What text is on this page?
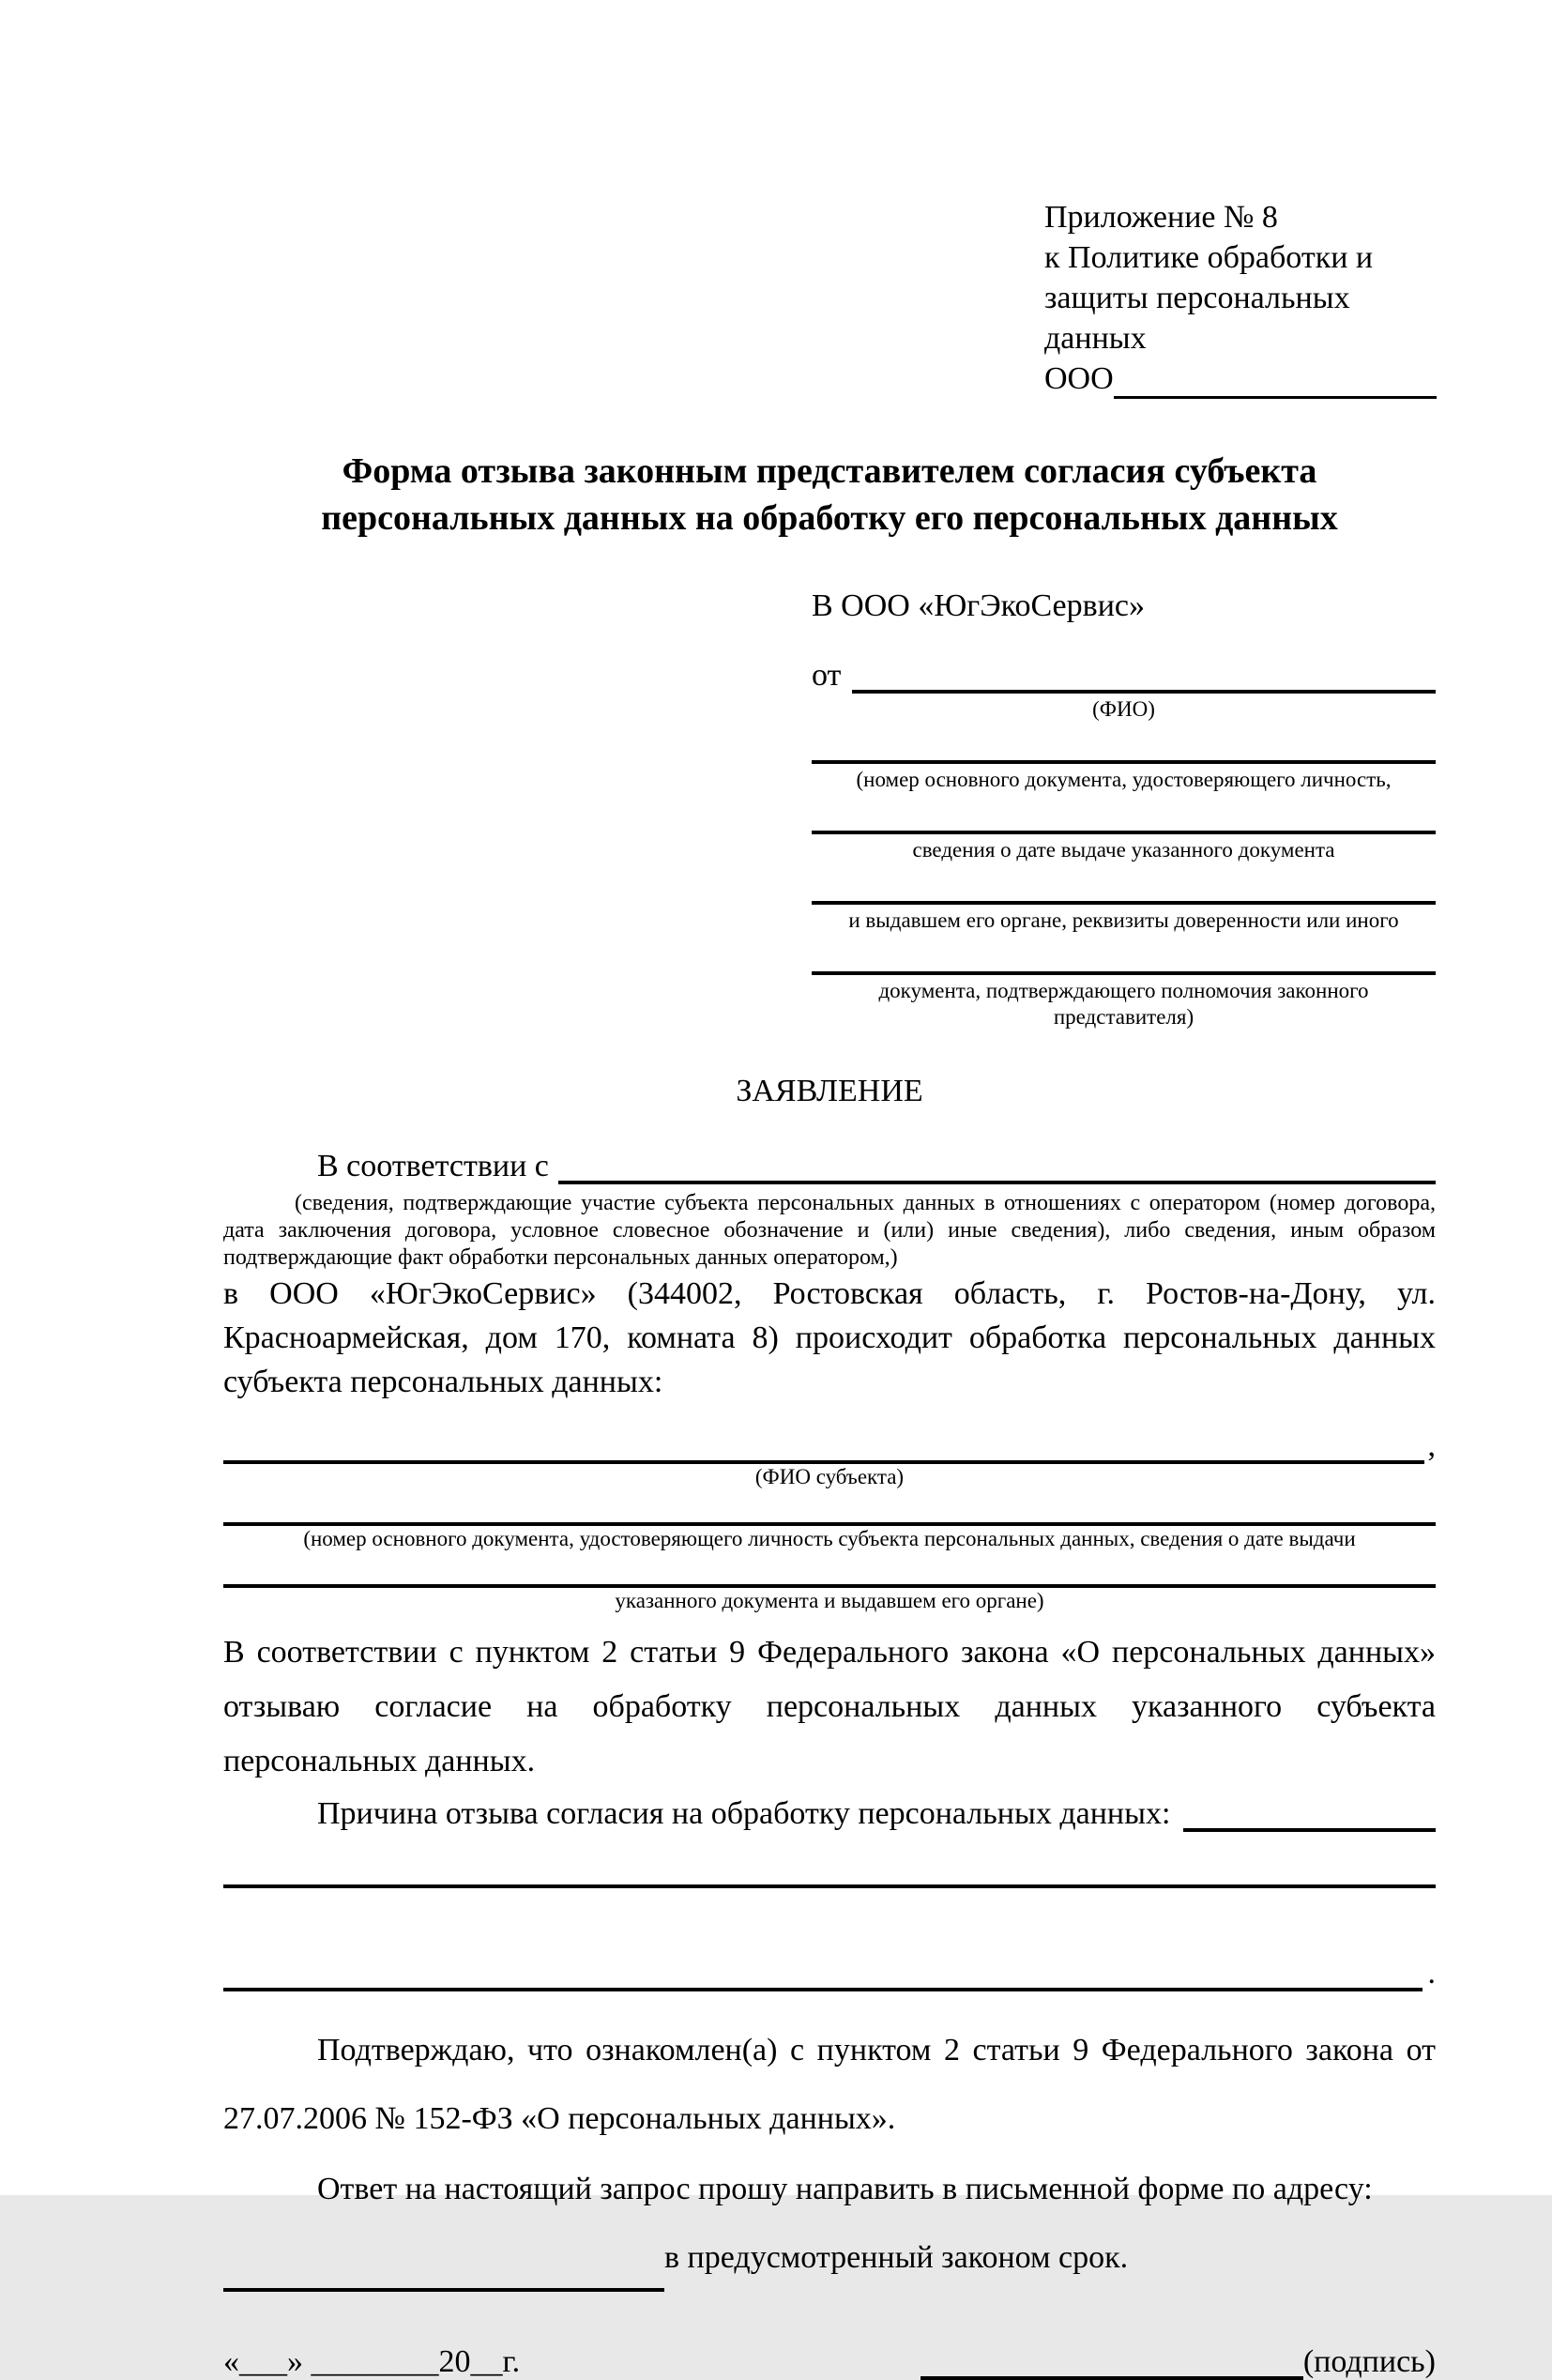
Приложение № 8
к Политике обработки и
защиты персональных данных
ООО
Форма отзыва законным представителем согласия субъекта
персональных данных на обработку его персональных данных
В ООО «ЮгЭкоСервис»
от
(ФИО)
(номер основного документа, удостоверяющего личность,
сведения о дате выдаче указанного документа
и выдавшем его органе, реквизиты доверенности или иного
документа, подтверждающего полномочия законного представителя)
ЗАЯВЛЕНИЕ
В соответствии с
(сведения, подтверждающие участие субъекта персональных данных в отношениях с оператором (номер договора, дата заключения договора, условное словесное обозначение и (или) иные сведения), либо сведения, иным образом подтверждающие факт обработки персональных данных оператором,)
в ООО «ЮгЭкоСервис» (344002, Ростовская область, г. Ростов-на-Дону, ул. Красноармейская, дом 170, комната 8) происходит обработка персональных данных субъекта персональных данных:
,
(ФИО субъекта)
(номер основного документа, удостоверяющего личность субъекта персональных данных, сведения о дате выдачи
указанного документа и выдавшем его органе)
В соответствии с пунктом 2 статьи 9 Федерального закона «О персональных данных» отзываю согласие на обработку персональных данных указанного субъекта персональных данных.
Причина отзыва согласия на обработку персональных данных:
.
Подтверждаю, что ознакомлен(а) с пунктом 2 статьи 9 Федерального закона от 27.07.2006 № 152-ФЗ «О персональных данных».
Ответ на настоящий запрос прошу направить в письменной форме по адресу:
в предусмотренный законом срок.
«___» ________20__г.	(подпись)
